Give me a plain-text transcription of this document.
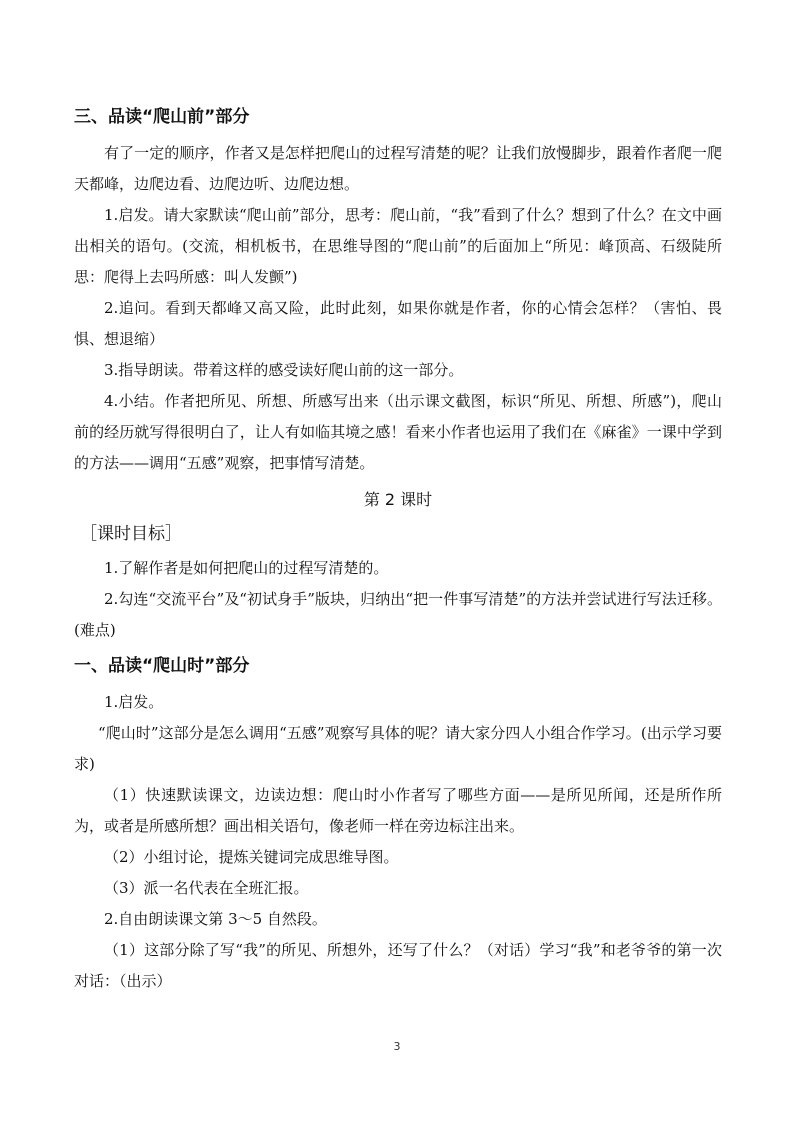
三、品读“爬山前”部分

有了一定的顺序，作者又是怎样把爬山的过程写清楚的呢？让我们放慢脚步，跟着作者爬一爬天都峰，边爬边看、边爬边听、边爬边想。

1.启发。请大家默读“爬山前”部分，思考：爬山前，“我”看到了什么？想到了什么？在文中画出相关的语句。(交流，相机板书，在思维导图的“爬山前”的后面加上“所见：峰顶高、石级陡所思：爬得上去吗所感：叫人发颤”)

2.追问。看到天都峰又高又险，此时此刻，如果你就是作者，你的心情会怎样？（害怕、畏惧、想退缩）

3.指导朗读。带着这样的感受读好爬山前的这一部分。

4.小结。作者把所见、所想、所感写出来（出示课文截图，标识“所见、所想、所感”)，爬山前的经历就写得很明白了，让人有如临其境之感！看来小作者也运用了我们在《麻雀》一课中学到的方法——调用“五感”观察，把事情写清楚。

第 2 课时
［课时目标］

1.了解作者是如何把爬山的过程写清楚的。

2.勾连“交流平台”及“初试身手”版块，归纳出“把一件事写清楚”的方法并尝试进行写法迁移。(难点)

一、品读“爬山时”部分

1.启发。

“爬山时”这部分是怎么调用“五感”观察写具体的呢？请大家分四人小组合作学习。(出示学习要求)

（1）快速默读课文，边读边想：爬山时小作者写了哪些方面——是所见所闻，还是所作所为，或者是所感所想？画出相关语句，像老师一样在旁边标注出来。

（2）小组讨论，提炼关键词完成思维导图。

（3）派一名代表在全班汇报。

2.自由朗读课文第 3～5 自然段。

（1）这部分除了写“我”的所见、所想外，还写了什么？（对话）学习“我”和老爷爷的第一次对话：（出示）

3
